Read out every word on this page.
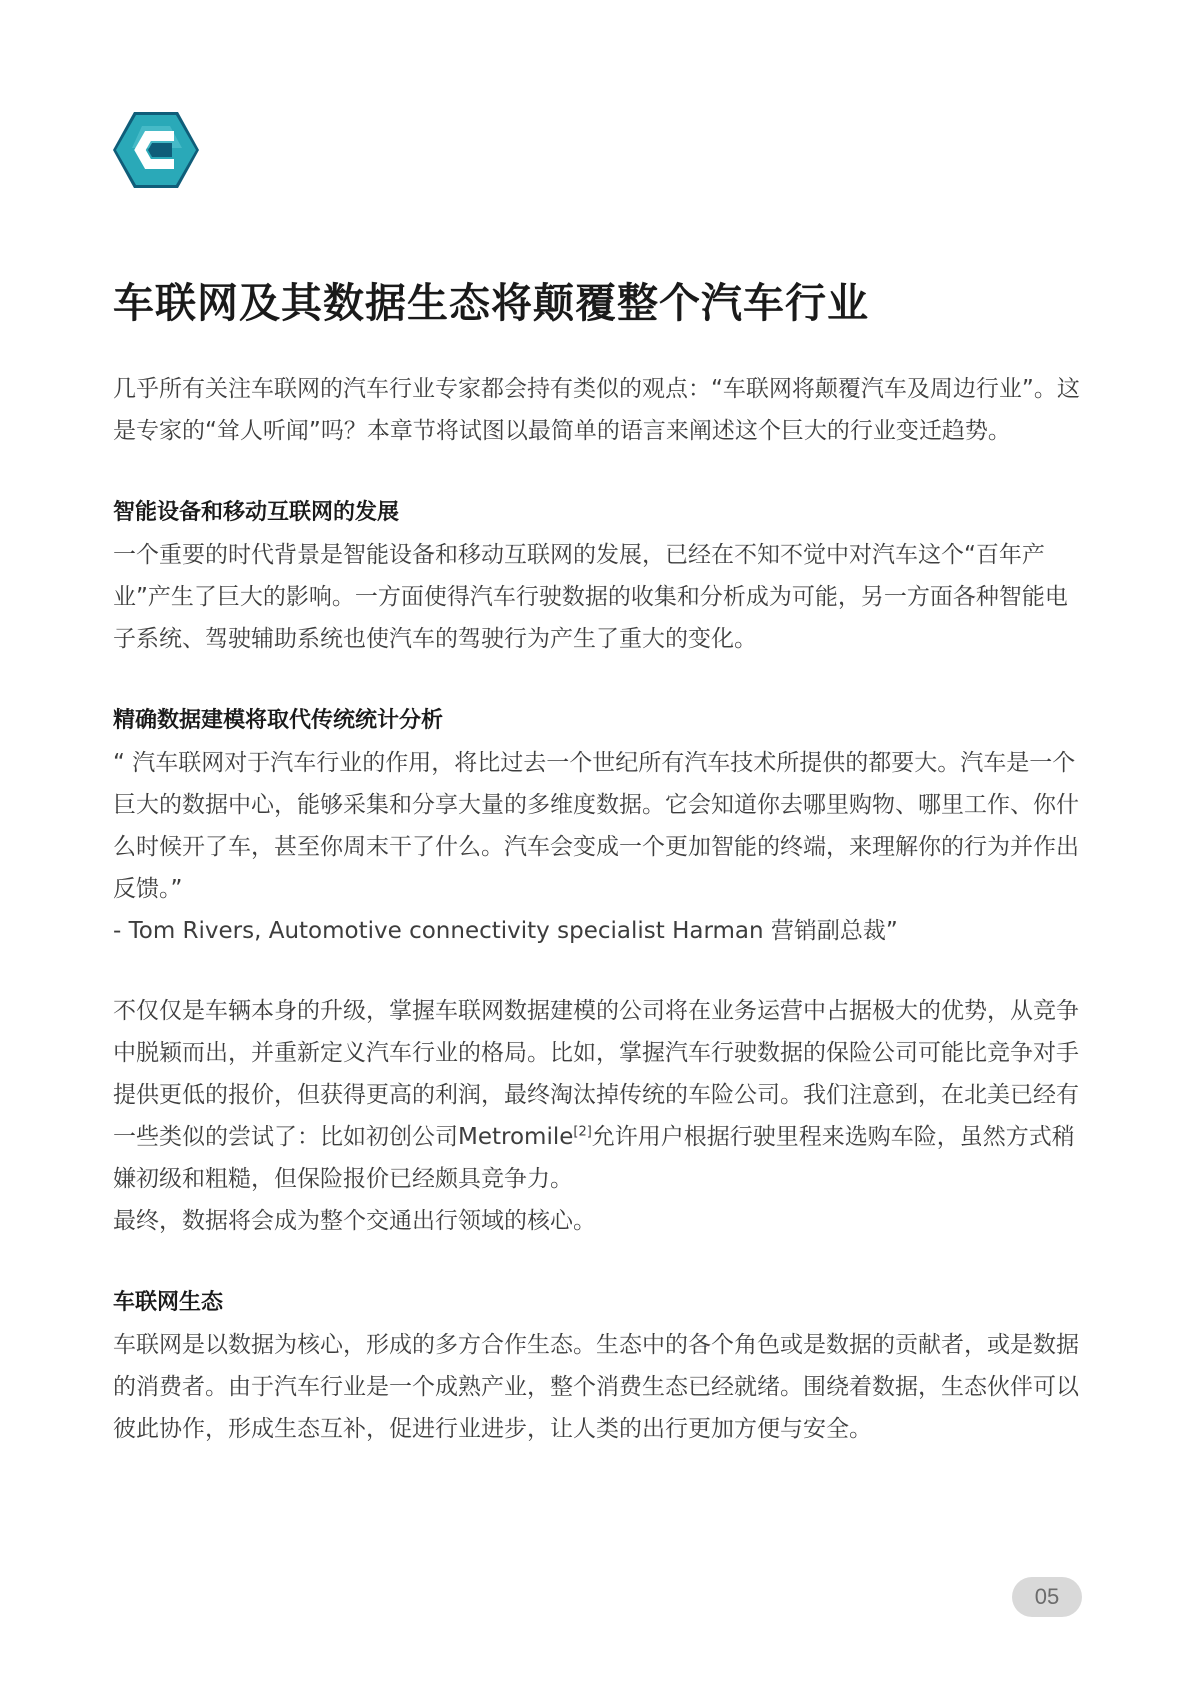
车联网及其数据生态将颠覆整个汽车行业

几乎所有关注车联网的汽车行业专家都会持有类似的观点：“车联网将颠覆汽车及周边行业”。这是专家的“耸人听闻”吗？本章节将试图以最简单的语言来阐述这个巨大的行业变迁趋势。

智能设备和移动互联网的发展

一个重要的时代背景是智能设备和移动互联网的发展，已经在不知不觉中对汽车这个“百年产业”产生了巨大的影响。一方面使得汽车行驶数据的收集和分析成为可能，另一方面各种智能电子系统、驾驶辅助系统也使汽车的驾驶行为产生了重大的变化。

精确数据建模将取代传统统计分析

“ 汽车联网对于汽车行业的作用，将比过去一个世纪所有汽车技术所提供的都要大。汽车是一个巨大的数据中心，能够采集和分享大量的多维度数据。它会知道你去哪里购物、哪里工作、你什么时候开了车，甚至你周末干了什么。汽车会变成一个更加智能的终端，来理解你的行为并作出反馈。”

- Tom Rivers, Automotive connectivity specialist Harman 营销副总裁”

不仅仅是车辆本身的升级，掌握车联网数据建模的公司将在业务运营中占据极大的优势，从竞争中脱颖而出，并重新定义汽车行业的格局。比如，掌握汽车行驶数据的保险公司可能比竞争对手提供更低的报价，但获得更高的利润，最终淘汰掉传统的车险公司。我们注意到，在北美已经有一些类似的尝试了：比如初创公司Metromile[2]允许用户根据行驶里程来选购车险，虽然方式稍嫌初级和粗糙，但保险报价已经颇具竞争力。

最终，数据将会成为整个交通出行领域的核心。

车联网生态

车联网是以数据为核心，形成的多方合作生态。生态中的各个角色或是数据的贡献者，或是数据的消费者。由于汽车行业是一个成熟产业，整个消费生态已经就绪。围绕着数据，生态伙伴可以彼此协作，形成生态互补，促进行业进步，让人类的出行更加方便与安全。

05
